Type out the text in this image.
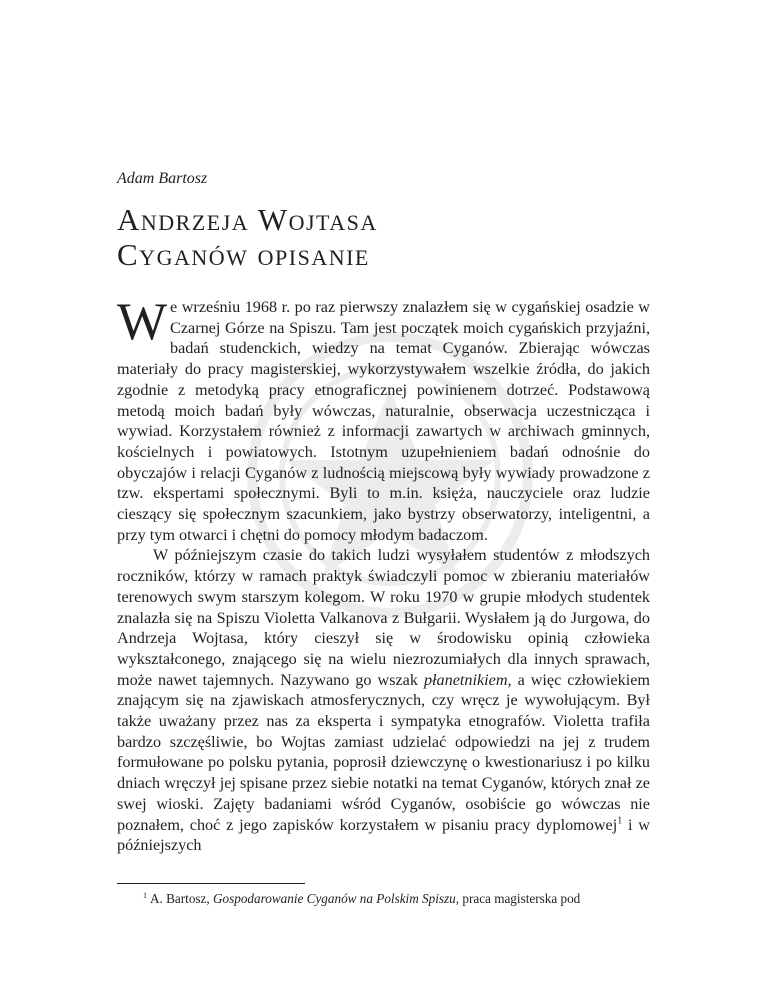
Adam Bartosz

Andrzeja Wojtasa
Cyganów opisanie

We wrześniu 1968 r. po raz pierwszy znalazłem się w cygańskiej osadzie w Czarnej Górze na Spiszu. Tam jest początek moich cygańskich przyjaźni, badań studenckich, wiedzy na temat Cyganów. Zbierając wówczas materiały do pracy magisterskiej, wykorzystywałem wszelkie źródła, do jakich zgodnie z metodyką pracy etnograficznej powinienem dotrzeć. Podstawową metodą moich badań były wówczas, naturalnie, obserwacja uczestnicząca i wywiad. Korzystałem również z informacji zawartych w archiwach gminnych, kościelnych i powiatowych. Istotnym uzupełnieniem badań odnośnie do obyczajów i relacji Cyganów z ludnością miejscową były wywiady prowadzone z tzw. ekspertami społecznymi. Byli to m.in. księża, nauczyciele oraz ludzie cieszący się społecznym szacunkiem, jako bystrzy obserwatorzy, inteligentni, a przy tym otwarci i chętni do pomocy młodym badaczom.

W późniejszym czasie do takich ludzi wysyłałem studentów z młodszych roczników, którzy w ramach praktyk świadczyli pomoc w zbieraniu materiałów terenowych swym starszym kolegom. W roku 1970 w grupie młodych studentek znalazła się na Spiszu Violetta Valkanova z Bułgarii. Wysłałem ją do Jurgowa, do Andrzeja Wojtasa, który cieszył się w środowisku opinią człowieka wykształconego, znającego się na wielu niezrozumiałych dla innych sprawach, może nawet tajemnych. Nazywano go wszak płanetnikiem, a więc człowiekiem znającym się na zjawiskach atmosferycznych, czy wręcz je wywołującym. Był także uważany przez nas za eksperta i sympatyka etnografów. Violetta trafiła bardzo szczęśliwie, bo Wojtas zamiast udzielać odpowiedzi na jej z trudem formułowane po polsku pytania, poprosił dziewczynę o kwestionariusz i po kilku dniach wręczył jej spisane przez siebie notatki na temat Cyganów, których znał ze swej wioski. Zajęty badaniami wśród Cyganów, osobiście go wówczas nie poznałem, choć z jego zapisków korzystałem w pisaniu pracy dyplomowej$^1$ i w późniejszych

$^1$ A. Bartosz, Gospodarowanie Cyganów na Polskim Spiszu, praca magisterska pod
